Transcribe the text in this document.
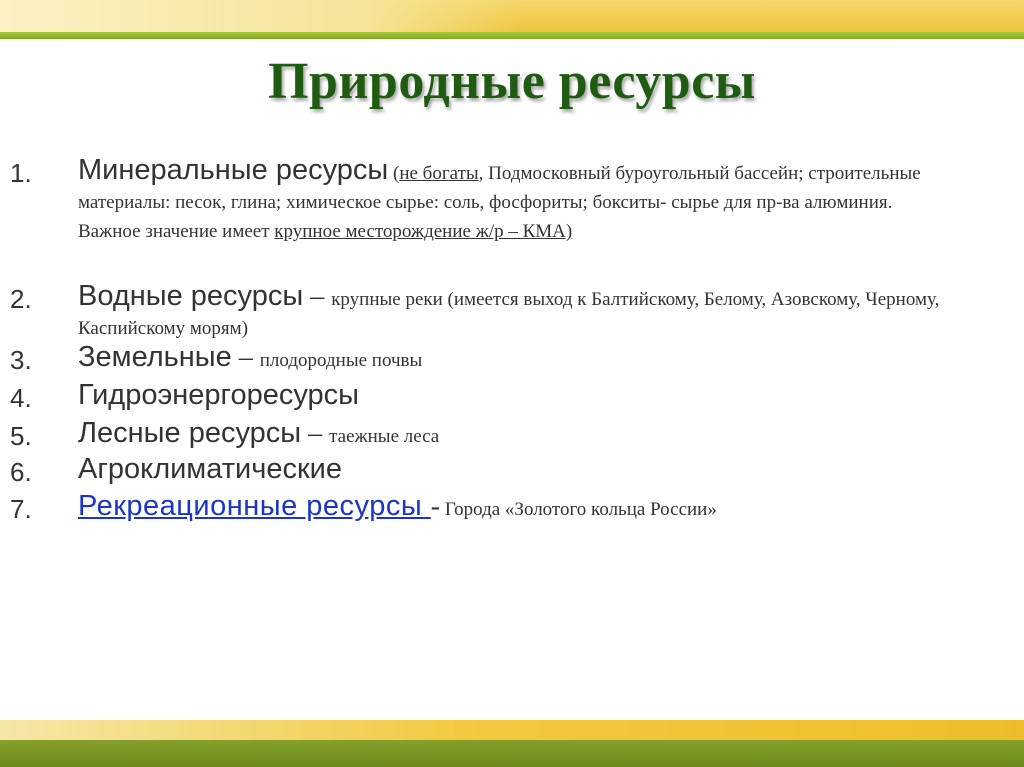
Природные ресурсы
1. Минеральные ресурсы (не богаты, Подмосковный буроугольный бассейн; строительные материалы: песок, глина; химическое сырье: соль, фосфориты; бокситы- сырье для пр-ва алюминия. Важное значение имеет крупное месторождение ж/р – КМА)
2. Водные ресурсы – крупные реки (имеется выход к Балтийскому, Белому, Азовскому, Черному, Каспийскому морям)
3. Земельные – плодородные почвы
4. Гидроэнергоресурсы
5. Лесные ресурсы – таежные леса
6. Агроклиматические
7. Рекреационные ресурсы - Города «Золотого кольца России»
